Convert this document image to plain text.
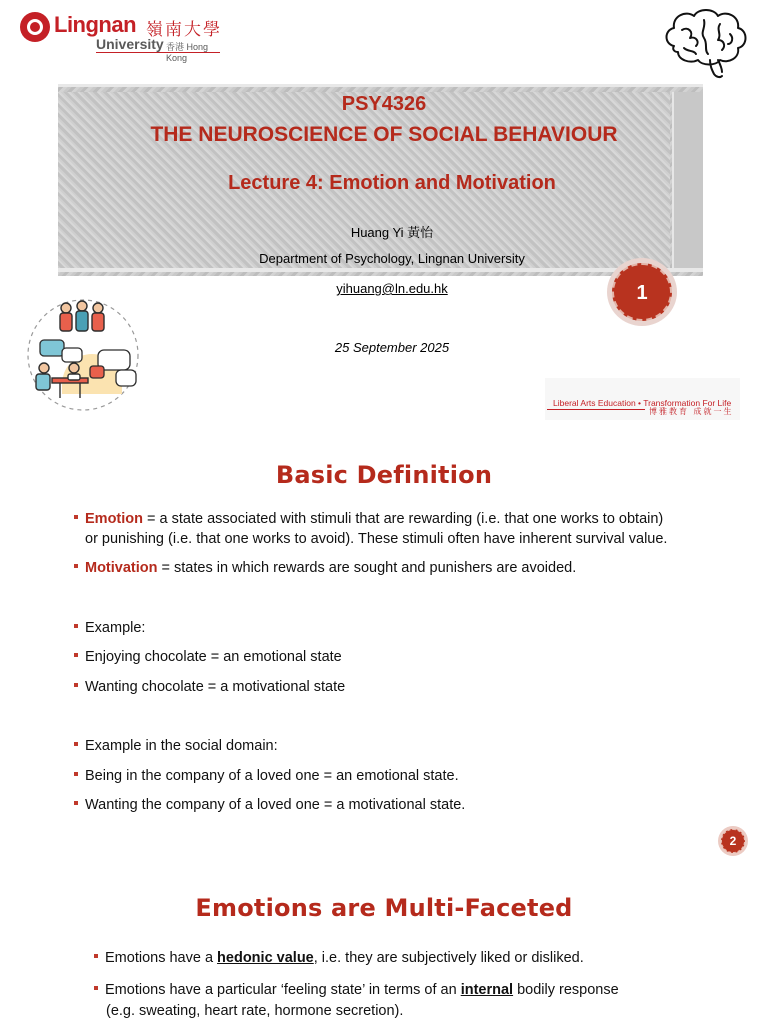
Lingnan 嶺南大學
University 香港 Hong Kong
PSY4326
THE NEUROSCIENCE OF SOCIAL BEHAVIOUR
Lecture 4: Emotion and Motivation
Huang Yi 黃怡
Department of Psychology, Lingnan University
yihuang@ln.edu.hk
25 September 2025
1
Liberal Arts Education • Transformation For Life
博雅教育 成就一生
Basic Definition
Emotion = a state associated with stimuli that are rewarding (i.e. that one works to obtain)
or punishing (i.e. that one works to avoid). These stimuli often have inherent survival value.
Motivation = states in which rewards are sought and punishers are avoided.
Example:
Enjoying chocolate = an emotional state
Wanting chocolate = a motivational state
Example in the social domain:
Being in the company of a loved one = an emotional state.
Wanting the company of a loved one = a motivational state.
2
Emotions are Multi-Faceted
Emotions have a hedonic value, i.e. they are subjectively liked or disliked.
Emotions have a particular ‘feeling state’ in terms of an internal bodily response
(e.g. sweating, heart rate, hormone secretion).
